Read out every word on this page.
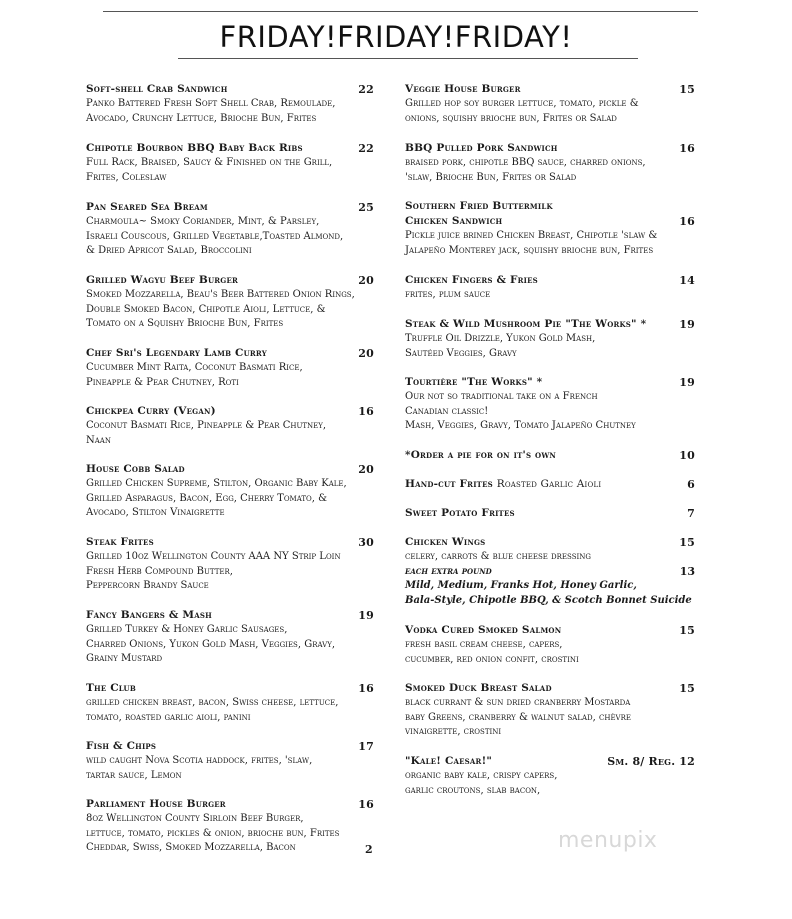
FRIDAY!FRIDAY!FRIDAY!
Soft-shell Crab Sandwich	22
Panko Battered Fresh Soft Shell Crab, Remoulade,
Avocado, Crunchy Lettuce, Brioche Bun, Frites
Chipotle Bourbon BBQ Baby Back Ribs	22
Full Rack, Braised, Saucy & Finished on the Grill,
Frites, Coleslaw
Pan Seared Sea Bream	25
Charmoula~ Smoky Coriander, Mint, & Parsley,
Israeli Couscous, Grilled Vegetable,Toasted Almond,
& Dried Apricot Salad, Broccolini
Grilled Wagyu Beef Burger	20
Smoked Mozzarella, Beau's Beer Battered Onion Rings,
Double Smoked Bacon, Chipotle Aioli, Lettuce, &
Tomato on a Squishy Brioche Bun, Frites
Chef Sri's Legendary Lamb Curry	20
Cucumber Mint Raita, Coconut Basmati Rice,
Pineapple & Pear Chutney, Roti
Chickpea Curry (Vegan)	16
Coconut Basmati Rice, Pineapple & Pear Chutney,
Naan
House Cobb Salad	20
Grilled Chicken Supreme, Stilton, Organic Baby Kale,
Grilled Asparagus, Bacon, Egg, Cherry Tomato, &
Avocado, Stilton Vinaigrette
Steak Frites	30
Grilled 10oz Wellington County AAA NY Strip Loin
Fresh Herb Compound Butter,
Peppercorn Brandy Sauce
Fancy Bangers & Mash	19
Grilled Turkey & Honey Garlic Sausages,
Charred Onions, Yukon Gold Mash, Veggies, Gravy,
Grainy Mustard
The Club	16
grilled chicken breast, bacon, Swiss cheese, lettuce,
tomato, roasted garlic aioli, panini
Fish & Chips	17
wild caught Nova Scotia haddock, frites, 'slaw,
tartar sauce, Lemon
Parliament House Burger	16
8oz Wellington County Sirloin Beef Burger,
lettuce, tomato, pickles & onion, brioche bun, Frites
Cheddar, Swiss, Smoked Mozzarella, Bacon	2
Veggie House Burger	15
Grilled hop soy burger lettuce, tomato, pickle &
onions, squishy brioche bun, Frites or Salad
BBQ Pulled Pork Sandwich	16
braised pork, chipotle BBQ sauce, charred onions,
'slaw, Brioche Bun, Frites or Salad
Southern Fried Buttermilk
Chicken Sandwich	16
Pickle juice brined Chicken Breast, Chipotle 'slaw &
Jalapeño Monterey jack, squishy brioche bun, Frites
Chicken Fingers & Fries	14
frites, plum sauce
Steak & Wild Mushroom Pie "The Works" *	19
Truffle Oil Drizzle, Yukon Gold Mash,
Sautéed Veggies, Gravy
Tourtière "The Works" *	19
Our not so traditional take on a French
Canadian classic!
Mash, Veggies, Gravy, Tomato Jalapeño Chutney
*Order a pie for on it's own	10
Hand-cut Frites Roasted Garlic Aioli	6
Sweet Potato Frites	7
Chicken Wings	15
celery, carrots & blue cheese dressing
each extra pound	13
Mild, Medium, Franks Hot, Honey Garlic,
Bala-Style, Chipotle BBQ, & Scotch Bonnet Suicide
Vodka Cured Smoked Salmon	15
fresh basil cream cheese, capers,
cucumber, red onion confit, crostini
Smoked Duck Breast Salad	15
black currant & sun dried cranberry Mostarda
baby Greens, cranberry & walnut salad, chèvre
vinaigrette, crostini
"Kale! Caesar!"	Sm. 8/ Reg. 12
organic baby kale, crispy capers,
garlic croutons, slab bacon,
menupix
